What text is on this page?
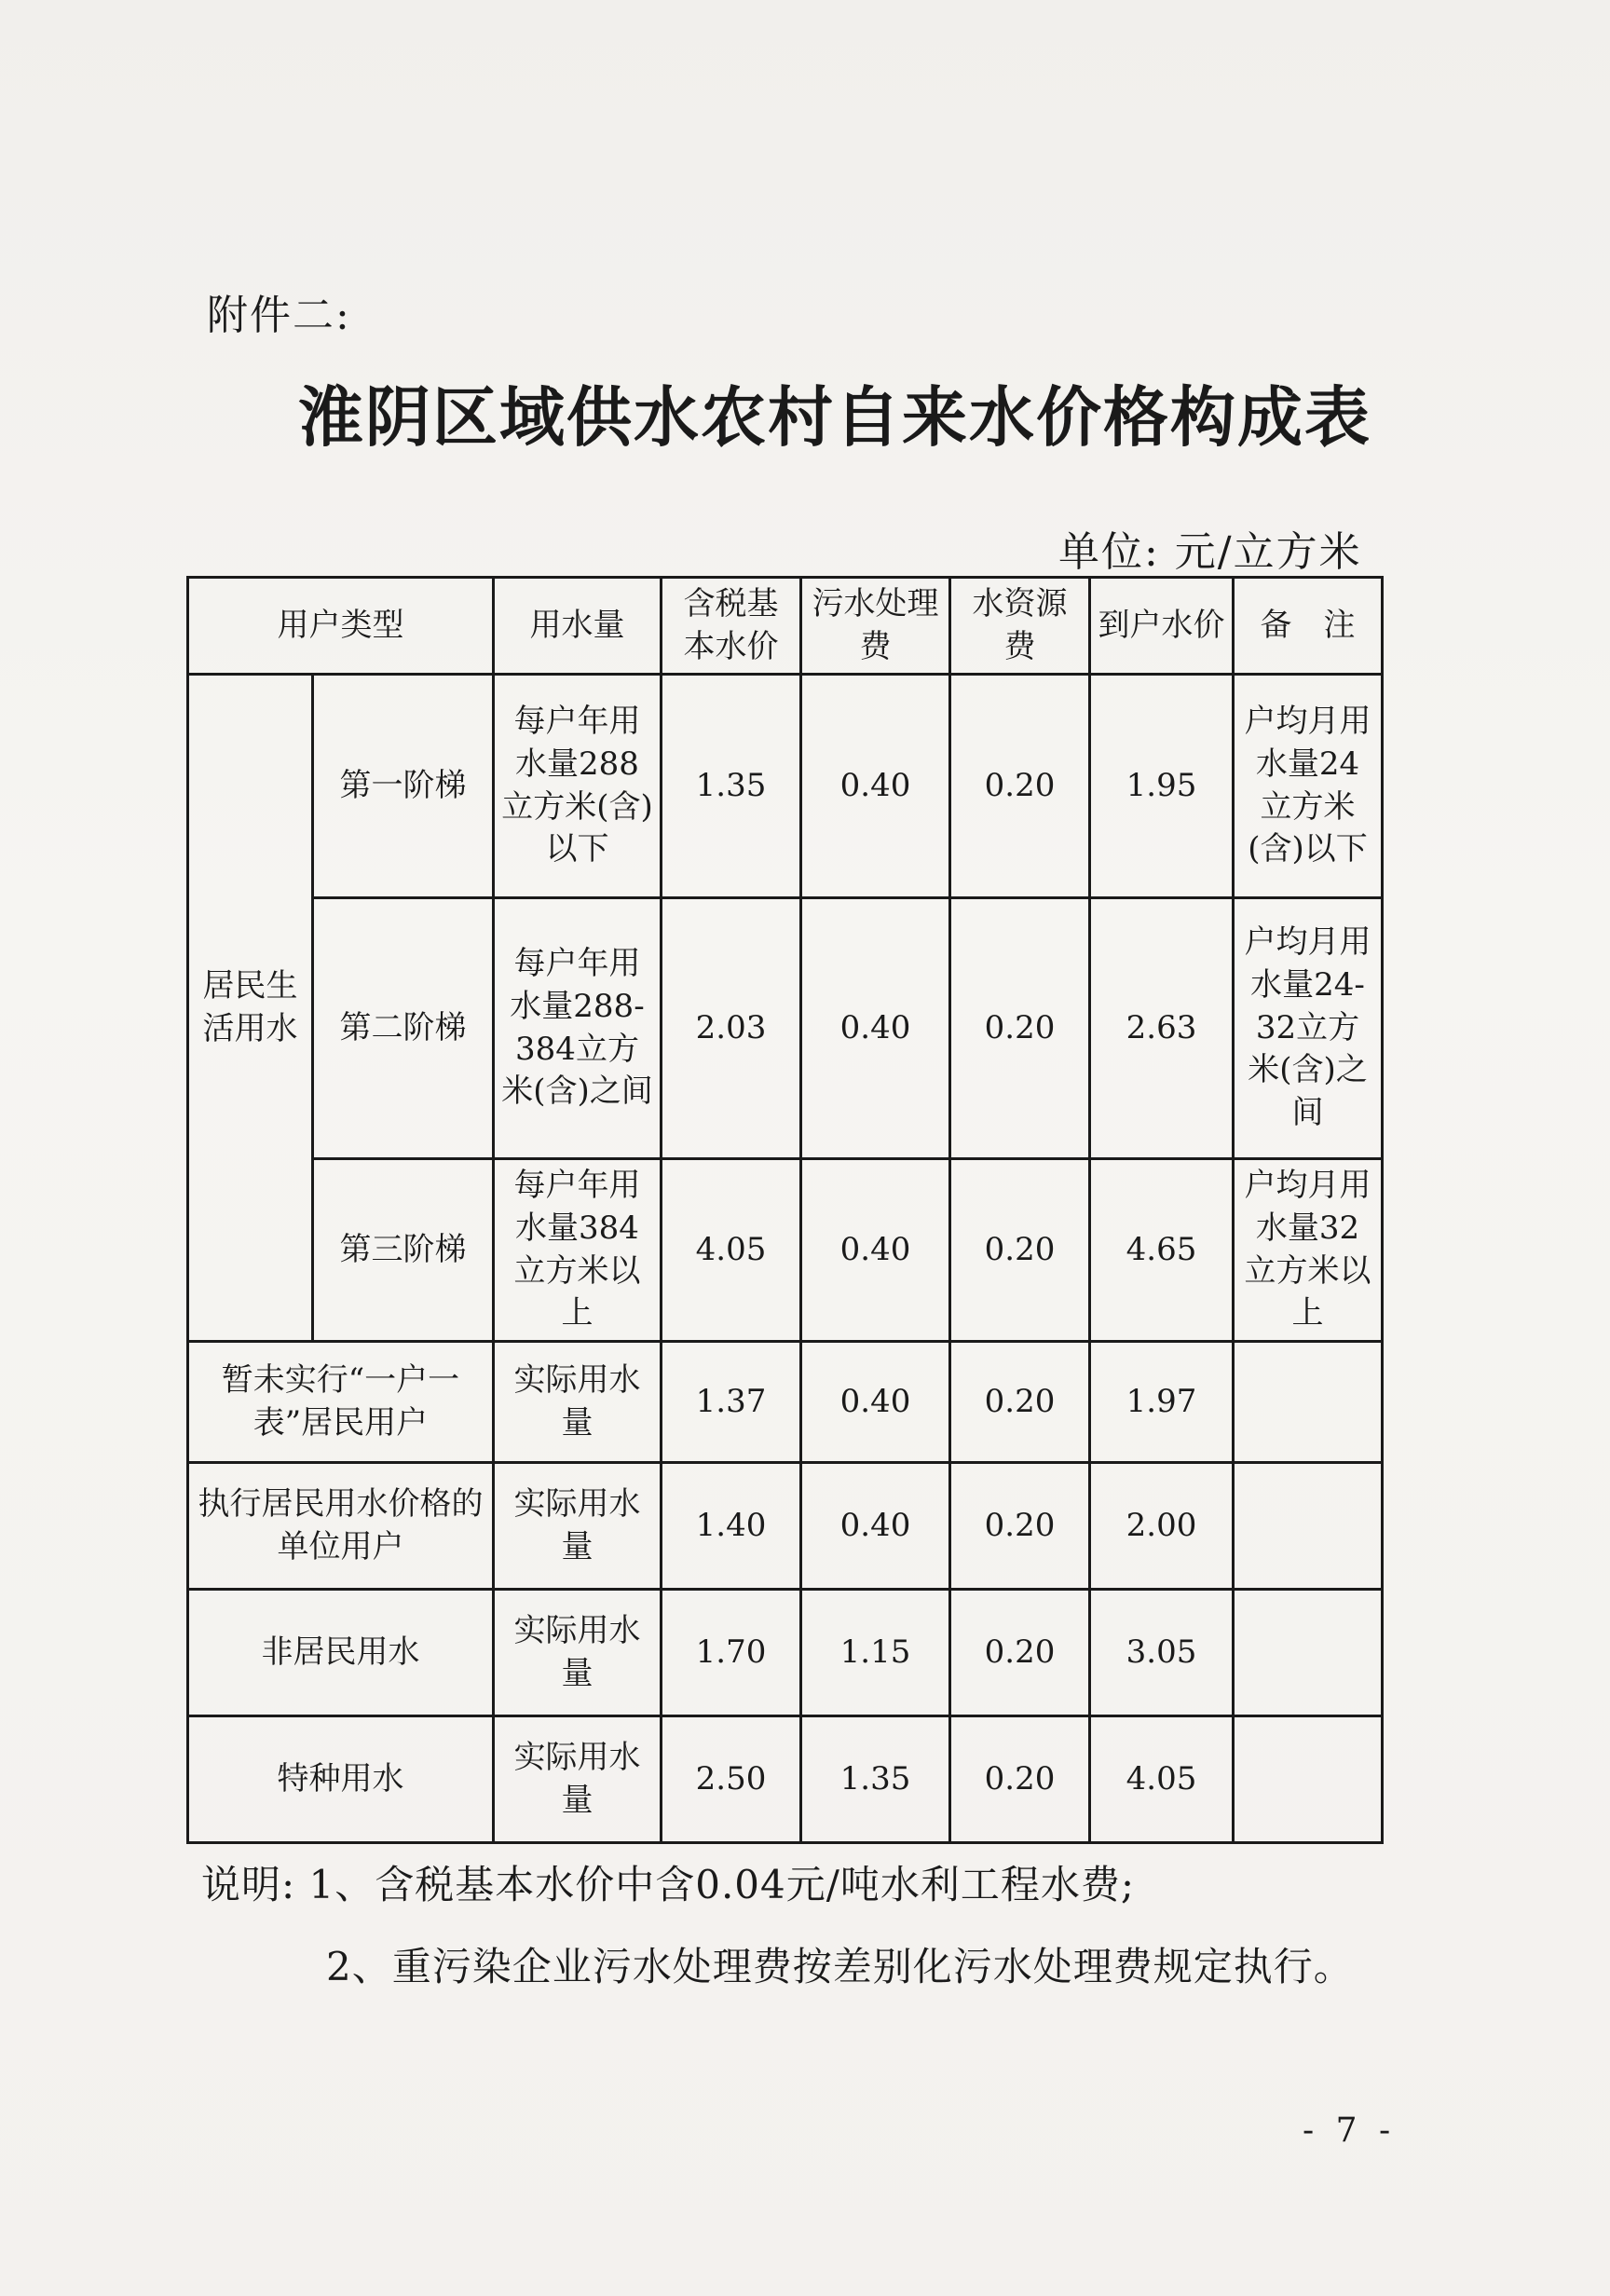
附件二:
淮阴区域供水农村自来水价格构成表
单位: 元/立方米
用户类型		用水量	含税基本水价	污水处理费	水资源费	到户水价	备　注
居民生活用水	第一阶梯	每户年用水量288立方米(含)以下	1.35	0.40	0.20	1.95	户均月用水量24立方米(含)以下
	第二阶梯	每户年用水量288-384立方米(含)之间	2.03	0.40	0.20	2.63	户均月用水量24-32立方米(含)之间
	第三阶梯	每户年用水量384立方米以上	4.05	0.40	0.20	4.65	户均月用水量32立方米以上
暂未实行“一户一表”居民用户		实际用水量	1.37	0.40	0.20	1.97	
执行居民用水价格的单位用户		实际用水量	1.40	0.40	0.20	2.00	
非居民用水		实际用水量	1.70	1.15	0.20	3.05	
特种用水		实际用水量	2.50	1.35	0.20	4.05	
说明: 1、含税基本水价中含0.04元/吨水利工程水费;
2、重污染企业污水处理费按差别化污水处理费规定执行。
- 7 -
